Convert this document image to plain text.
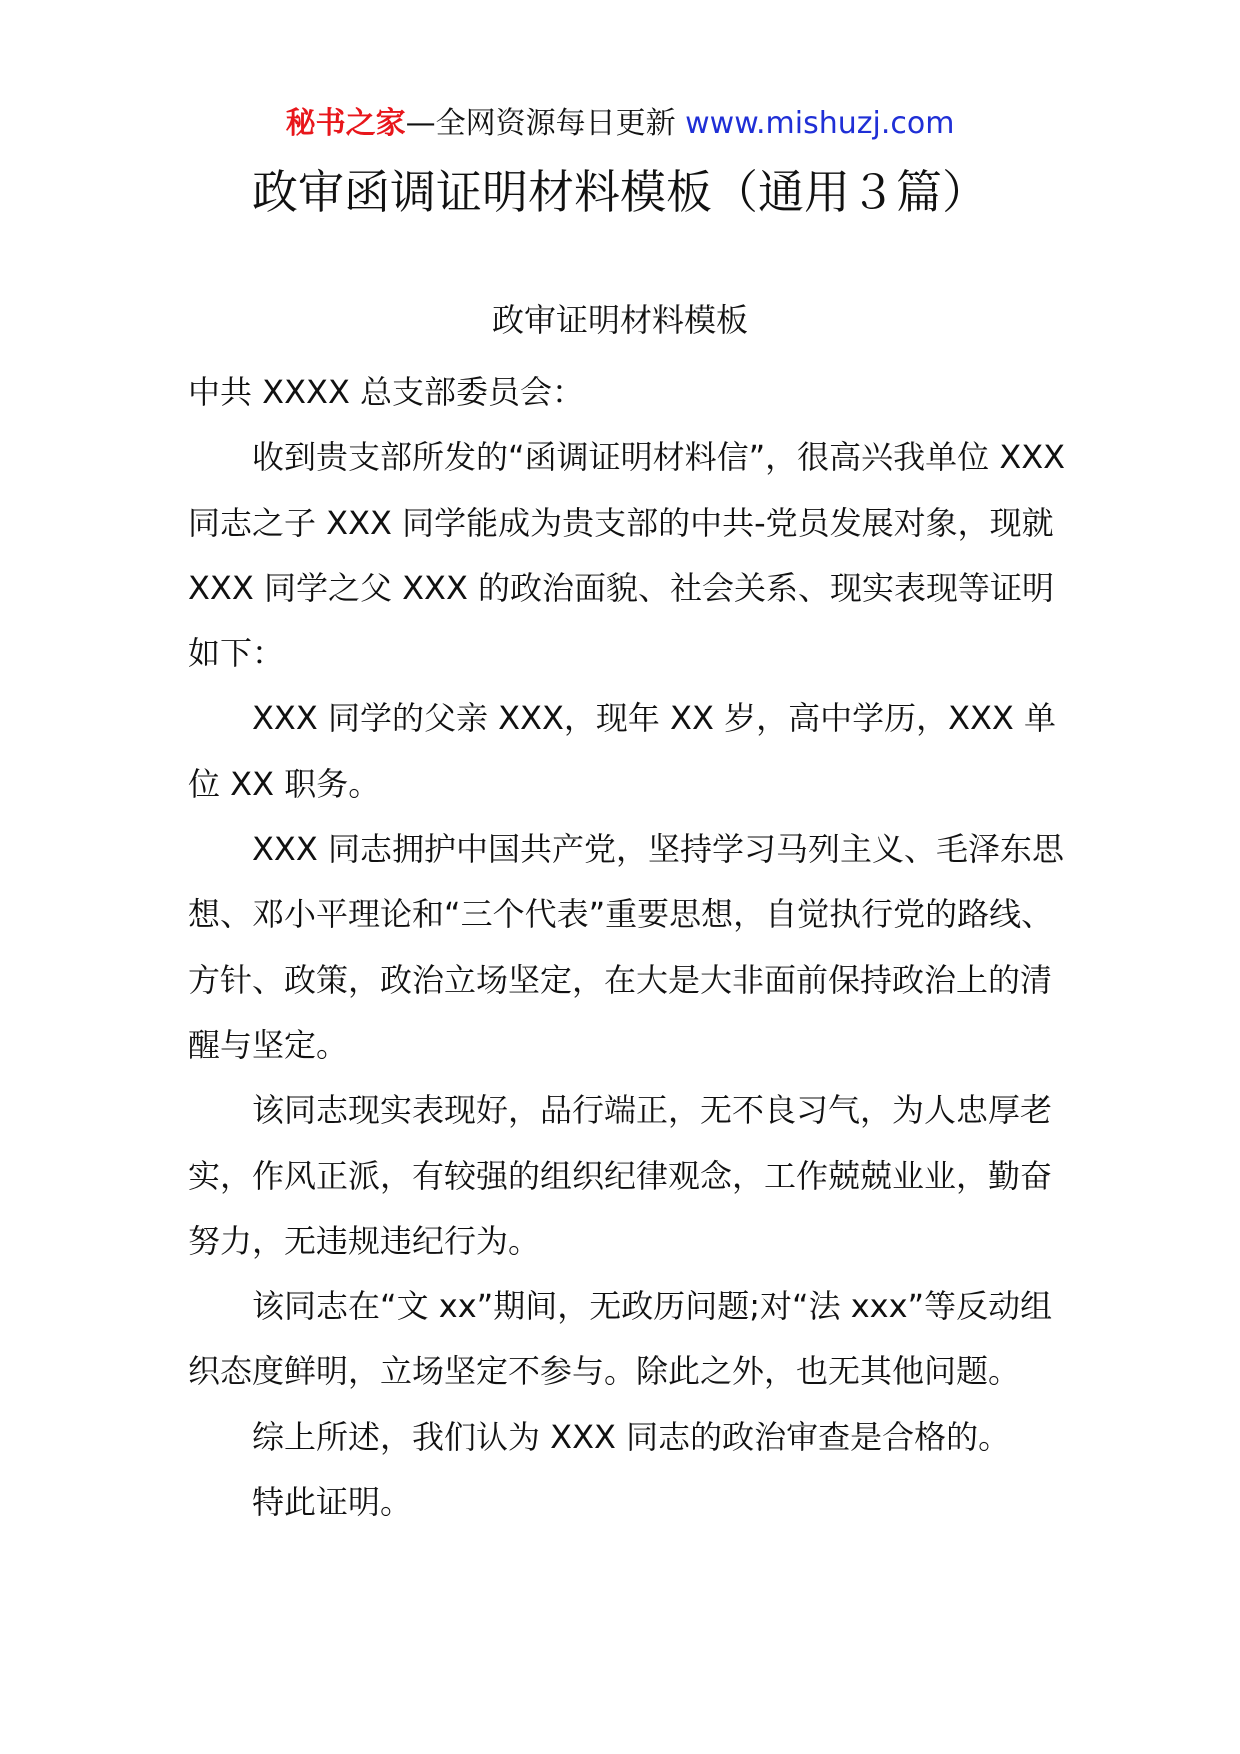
秘书之家—全网资源每日更新 www.mishuzj.com
政审函调证明材料模板（通用３篇）
政审证明材料模板

中共 XXXX 总支部委员会：

收到贵支部所发的“函调证明材料信”，很高兴我单位 XXX 同志之子 XXX 同学能成为贵支部的中共-党员发展对象，现就 XXX 同学之父 XXX 的政治面貌、社会关系、现实表现等证明如下：

XXX 同学的父亲 XXX，现年 XX 岁，高中学历，XXX 单位 XX 职务。

XXX 同志拥护中国共产党，坚持学习马列主义、毛泽东思想、邓小平理论和“三个代表”重要思想，自觉执行党的路线、方针、政策，政治立场坚定，在大是大非面前保持政治上的清醒与坚定。

该同志现实表现好，品行端正，无不良习气，为人忠厚老实，作风正派，有较强的组织纪律观念，工作兢兢业业，勤奋努力，无违规违纪行为。

该同志在“文 xx”期间，无政历问题;对“法 xxx”等反动组织态度鲜明，立场坚定不参与。除此之外，也无其他问题。

综上所述，我们认为 XXX 同志的政治审查是合格的。

特此证明。
